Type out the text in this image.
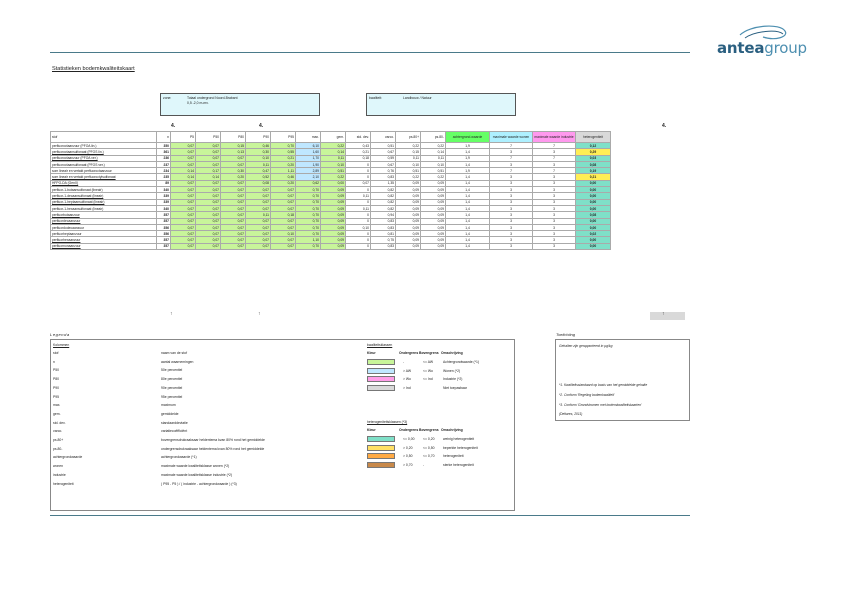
anteagroup
Statistieken bodemkwaliteitskaart
zone:	Totaal ondergrond Noord-Brabant
0,5 -2,0 m-mv.
kwaliteit:	Landbouw / Natuur
4.	4.	4.
stof	n	P5	P50	P80	P90	P95	max.	gem.	std. dev.	varco.	ps.80+	ps.80-	achtergrond-waarde	maximale waarde wonen	maximale waarde industrie	heterogeniteit
perfluoroctaanzuur (PFOA lin.)	350	0,07	0,07	0,15	0,46	0,70	6,10	0,22	0,43	0,51	0,22	0,22	1,9	7	7	0,12
perfluoroctaansulfonaat (PFOS lin.)	361	0,07	0,07	0,13	0,30	0,55	1,60	0,14	0,21	0,67	0,15	0,14	1,4	3	3	0,29
perfluoroctaanzuur (PFOA ver.)	236	0,07	0,07	0,07	0,10	0,21	1,70	0,11	0,18	0,59	0,11	0,11	1,9	7	7	0,03
perfluoroctaansulfonaat (PFOS ver.)	237	0,07	0,07	0,07	0,11	0,20	1,90	0,10	0	0,67	0,10	0,10	1,4	3	3	0,08
som lineair en vertakt perfluoroctaanzuur	234	0,14	0,17	0,30	0,47	1,11	2,89	0,51	0	0,76	0,51	0,51	1,9	7	7	0,19
som lineair en vertakt perfluoroctylsulfonaat	235	0,14	0,14	0,20	0,52	0,46	2,10	0,22	0	0,83	0,22	0,22	1,4	3	3	0,21
HFPO-DA (GenX)	89	0,07	0,07	0,07	0,08	0,20	0,62	0,00	0,07	1,35	0,09	0,09	1,4	3	3	0,00
perfluor-1-butaansulfonaat (lineair)	340	0,07	0,07	0,07	0,07	0,07	0,70	0,09	0	0,82	0,09	0,09	1,4	3	3	0,00
perfluor-1-decaansulfonaat (lineair)	339	0,07	0,07	0,07	0,07	0,07	0,70	0,09	0,11	0,82	0,09	0,09	1,4	3	3	0,00
perfluor-1-heptaansulfonaat (lineair)	339	0,07	0,07	0,07	0,07	0,07	0,70	0,09	0	0,82	0,09	0,09	1,4	3	3	0,00
perfluor-1-hexaansulfonaat (lineair)	340	0,07	0,07	0,07	0,07	0,07	0,70	0,09	0,11	0,82	0,09	0,09	1,4	3	3	0,00
perfluorbutaanzuur	357	0,07	0,07	0,07	0,11	0,18	0,70	0,09	0	0,94	0,09	0,09	1,4	3	3	0,08
perfluordecaanzuur	357	0,07	0,07	0,07	0,07	0,07	0,70	0,09	0	0,83	0,09	0,09	1,4	3	3	0,00
perfluordodecaanzuur	356	0,07	0,07	0,07	0,07	0,07	0,70	0,09	0,10	0,83	0,09	0,09	1,4	3	3	0,00
perfluorheptaanzuur	356	0,07	0,07	0,07	0,07	0,10	0,70	0,09	0	0,81	0,09	0,09	1,4	3	3	0,02
perfluorhexaanzuur	357	0,07	0,07	0,07	0,07	0,07	1,10	0,09	0	0,75	0,09	0,09	1,4	3	3	0,00
perfluornonaanzuur	357	0,07	0,07	0,07	0,07	0,07	0,70	0,09	0	0,83	0,09	0,09	1,4	3	3	0,00
↑	↑	↑
Legenda
Kolommen
stof	naam van de stof
n	aantal waarnemingen
P50	50e percentiel
P80	80e percentiel
P90	90e percentiel
P95	95e percentiel
max.	maximum
gem.	gemiddelde
std. dev.	standaarddeviatie
varco.	variatiecoëfficiënt
ps.80+	bovengrensdrukraaksaar heldentema kvan 80% rond het gemiddelde
ps.80-	ondergrensdrukraaksaar heldentema kvan 80% rond het gemiddelde
achtergrondwaarde	achtergrondwaarde (*1)
wonen	maximale waarde kwaliteitsklasse wonen (*2)
industrie	maximale waarde kwaliteitsklasse industrie (*2)
heterogeniteit	( P95 - P5 ) / ( industrie - achtergrondwaarde ) (*3)
kwaliteitsklassen
Kleur	Ondergrens Bovengrens Omschrijving
-	<= AW	Achtergrondwaarde (*1)
> AW	<= Wo	Wonen (*2)
> Wo	<= Ind	Industrie (*2)
> Ind	Niet toepasbaar
heterogeniteitsklassen (*3)
Kleur	Ondergrens Bovengrens Omschrijving
<= 0,00 <= 0,20 weinig heterogeniteit
> 0,20	<= 0,50 beperkte heterogeniteit
> 0,50	<= 0,70 heterogeniteit
> 0,70	-	sterke heterogeniteit
Toelichting
Gehalten zijn gerapporteerd in µg/kg
*1. Kwaliteitsstandaard op basis van het gemiddelde gehalte
*2. Conform 'Regeling bodemkwaliteit'
*3. Conform 'Grondstromen met bodemkwaliteitskaarten'
(Deltares, 2011)
